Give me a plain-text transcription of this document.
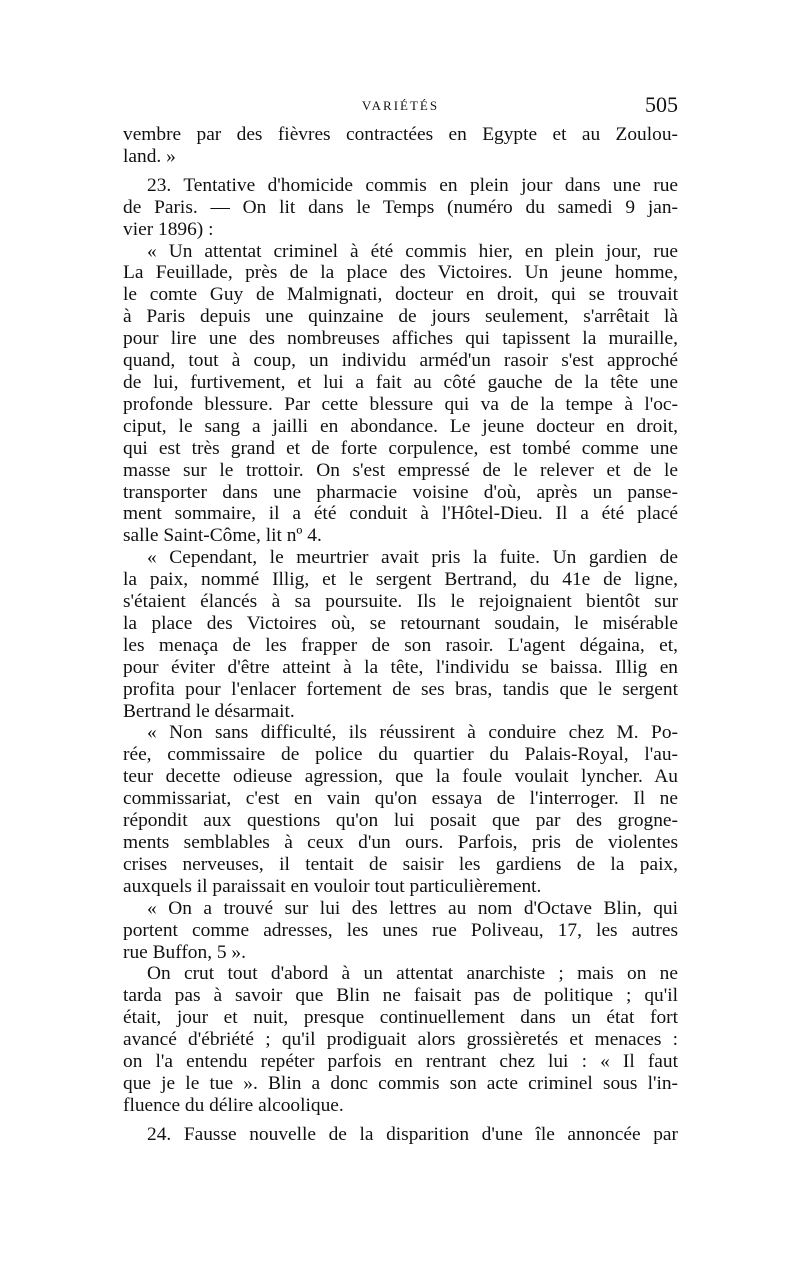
VARIÉTÉS	505
vembre par des fièvres contractées en Egypte et au Zoulou-
land. »
23. Tentative d'homicide commis en plein jour dans une rue
de Paris. — On lit dans le Temps (numéro du samedi 9 jan-
vier 1896) :
« Un attentat criminel à été commis hier, en plein jour, rue
La Feuillade, près de la place des Victoires. Un jeune homme,
le comte Guy de Malmignati, docteur en droit, qui se trouvait
à Paris depuis une quinzaine de jours seulement, s'arrêtait là
pour lire une des nombreuses affiches qui tapissent la muraille,
quand, tout à coup, un individu arméd'un rasoir s'est approché
de lui, furtivement, et lui a fait au côté gauche de la tête une
profonde blessure. Par cette blessure qui va de la tempe à l'oc-
ciput, le sang a jailli en abondance. Le jeune docteur en droit,
qui est très grand et de forte corpulence, est tombé comme une
masse sur le trottoir. On s'est empressé de le relever et de le
transporter dans une pharmacie voisine d'où, après un panse-
ment sommaire, il a été conduit à l'Hôtel-Dieu. Il a été placé
salle Saint-Côme, lit nº 4.
« Cependant, le meurtrier avait pris la fuite. Un gardien de
la paix, nommé Illig, et le sergent Bertrand, du 41e de ligne,
s'étaient élancés à sa poursuite. Ils le rejoignaient bientôt sur
la place des Victoires où, se retournant soudain, le misérable
les menaça de les frapper de son rasoir. L'agent dégaina, et,
pour éviter d'être atteint à la tête, l'individu se baissa. Illig en
profita pour l'enlacer fortement de ses bras, tandis que le sergent
Bertrand le désarmait.
« Non sans difficulté, ils réussirent à conduire chez M. Po-
rée, commissaire de police du quartier du Palais-Royal, l'au-
teur decette odieuse agression, que la foule voulait lyncher. Au
commissariat, c'est en vain qu'on essaya de l'interroger. Il ne
répondit aux questions qu'on lui posait que par des grogne-
ments semblables à ceux d'un ours. Parfois, pris de violentes
crises nerveuses, il tentait de saisir les gardiens de la paix,
auxquels il paraissait en vouloir tout particulièrement.
« On a trouvé sur lui des lettres au nom d'Octave Blin, qui
portent comme adresses, les unes rue Poliveau, 17, les autres
rue Buffon, 5 ».
On crut tout d'abord à un attentat anarchiste ; mais on ne
tarda pas à savoir que Blin ne faisait pas de politique ; qu'il
était, jour et nuit, presque continuellement dans un état fort
avancé d'ébriété ; qu'il prodiguait alors grossièretés et menaces :
on l'a entendu repéter parfois en rentrant chez lui : « Il faut
que je le tue ». Blin a donc commis son acte criminel sous l'in-
fluence du délire alcoolique.
24. Fausse nouvelle de la disparition d'une île annoncée par
